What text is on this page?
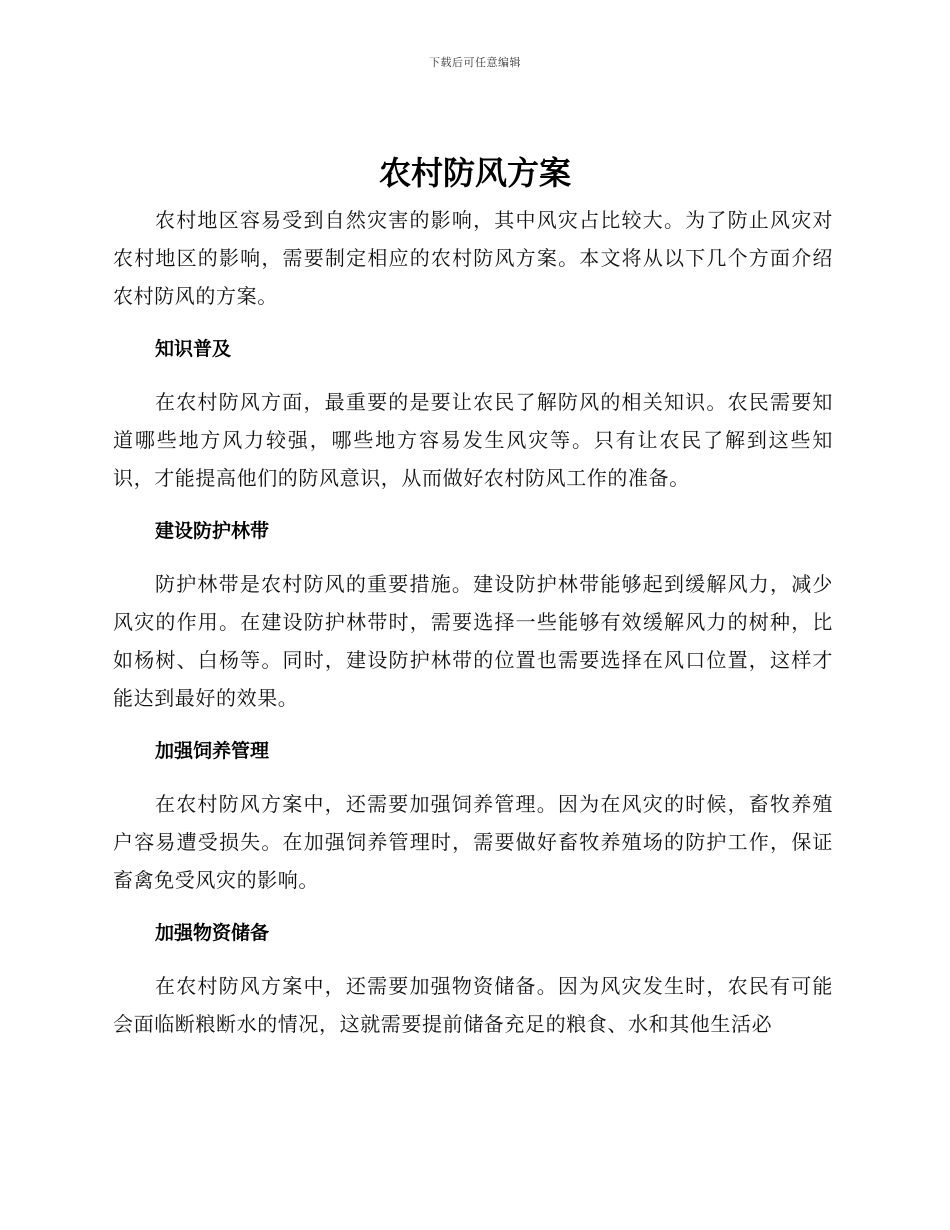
下载后可任意编辑
农村防风方案

农村地区容易受到自然灾害的影响，其中风灾占比较大。为了防止风灾对农村地区的影响，需要制定相应的农村防风方案。本文将从以下几个方面介绍农村防风的方案。

知识普及

在农村防风方面，最重要的是要让农民了解防风的相关知识。农民需要知道哪些地方风力较强，哪些地方容易发生风灾等。只有让农民了解到这些知识，才能提高他们的防风意识，从而做好农村防风工作的准备。

建设防护林带

防护林带是农村防风的重要措施。建设防护林带能够起到缓解风力，减少风灾的作用。在建设防护林带时，需要选择一些能够有效缓解风力的树种，比如杨树、白杨等。同时，建设防护林带的位置也需要选择在风口位置，这样才能达到最好的效果。

加强饲养管理

在农村防风方案中，还需要加强饲养管理。因为在风灾的时候，畜牧养殖户容易遭受损失。在加强饲养管理时，需要做好畜牧养殖场的防护工作，保证畜禽免受风灾的影响。

加强物资储备

在农村防风方案中，还需要加强物资储备。因为风灾发生时，农民有可能会面临断粮断水的情况，这就需要提前储备充足的粮食、水和其他生活必
